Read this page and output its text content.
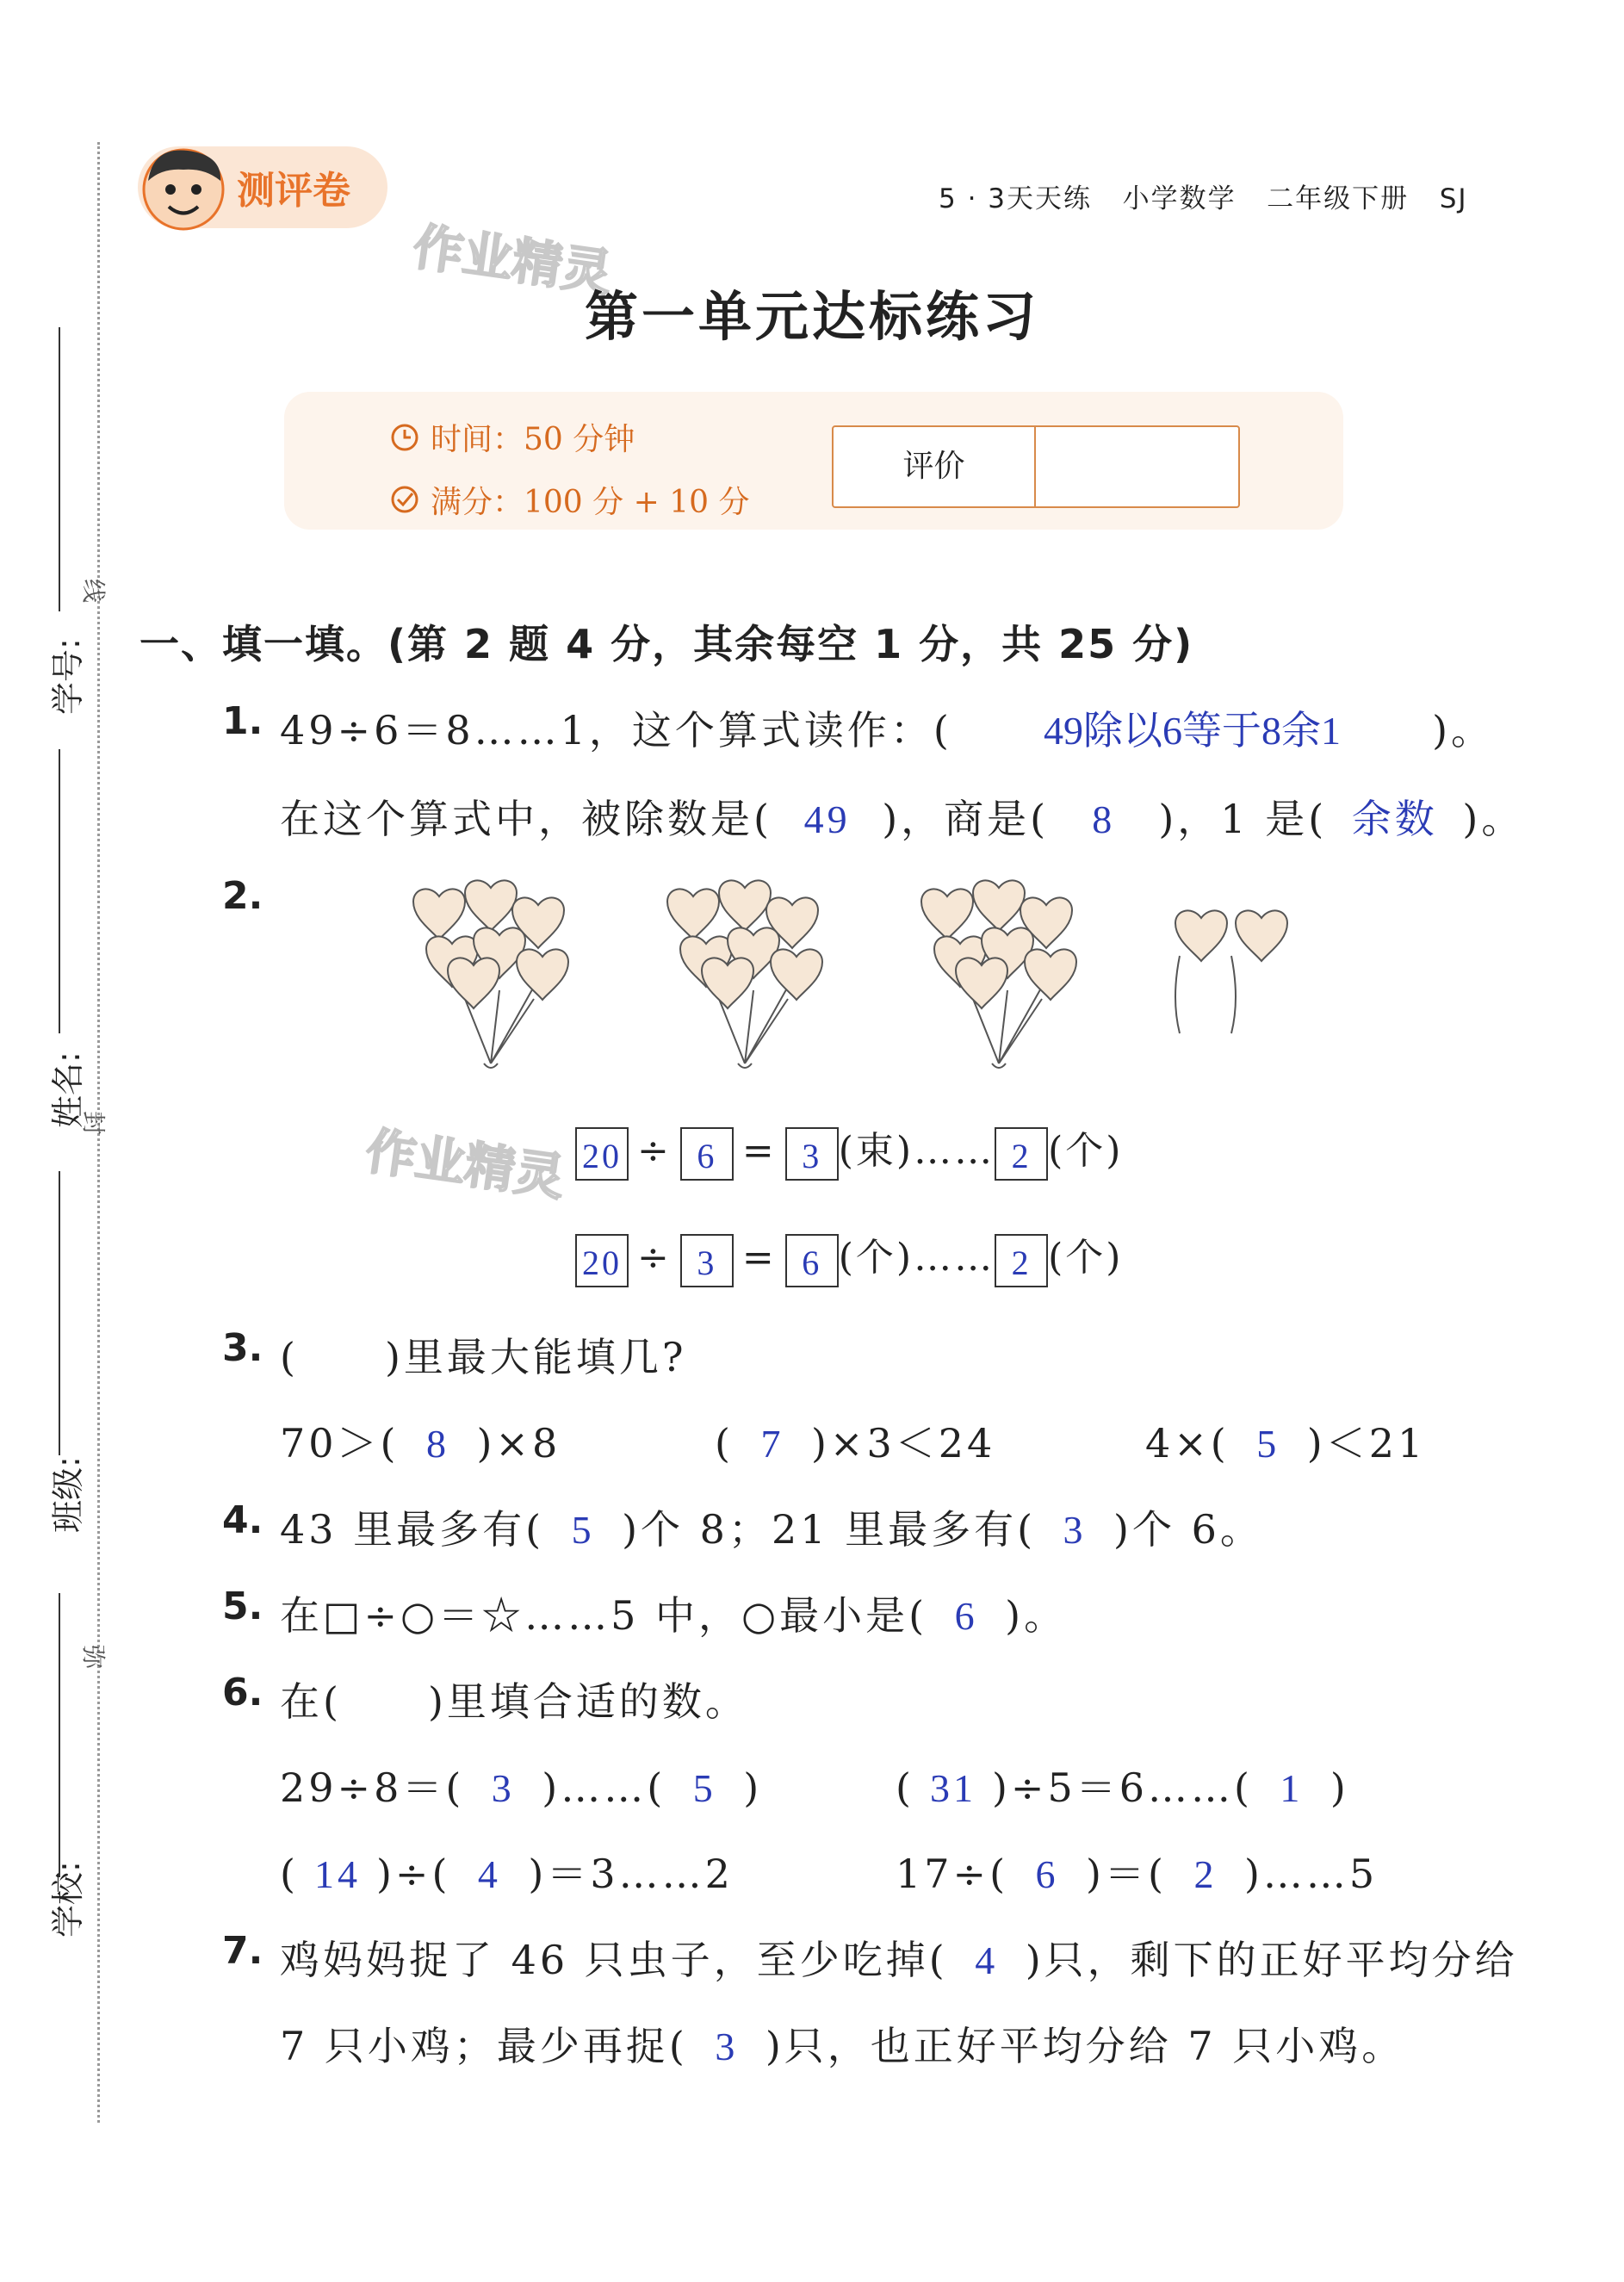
学号:
姓名:
班级:
学校:
线
封
弥
测评卷	5 · 3天天练 小学数学 二年级下册 SJ
作业精灵
第一单元达标练习
时间：50 分钟
满分：100 分 + 10 分
评价
一、填一填。(第 2 题 4 分，其余每空 1 分，共 25 分)
1. 49÷6＝8……1，这个算式读作：( 49除以6等于8余1 )。
在这个算式中，被除数是( 49 )，商是( 8 )，1 是( 余数 )。
2.
作业精灵 20 ÷ 6 = 3 (束)…… 2 (个)
20 ÷ 3 = 6 (个)…… 2 (个)
3. (　　)里最大能填几?
70＞( 8 )×8	( 7 )×3＜24	4×( 5 )＜21
4. 43 里最多有( 5 )个 8；21 里最多有( 3 )个 6。
5. 在□÷○＝☆……5 中，○最小是( 6 )。
6. 在(　　)里填合适的数。
29÷8＝( 3 )……( 5 )	( 31 )÷5＝6……( 1 )
( 14 )÷( 4 )＝3……2	17÷( 6 )＝( 2 )……5
7. 鸡妈妈捉了 46 只虫子，至少吃掉( 4 )只，剩下的正好平均分给
7 只小鸡；最少再捉( 3 )只，也正好平均分给 7 只小鸡。
